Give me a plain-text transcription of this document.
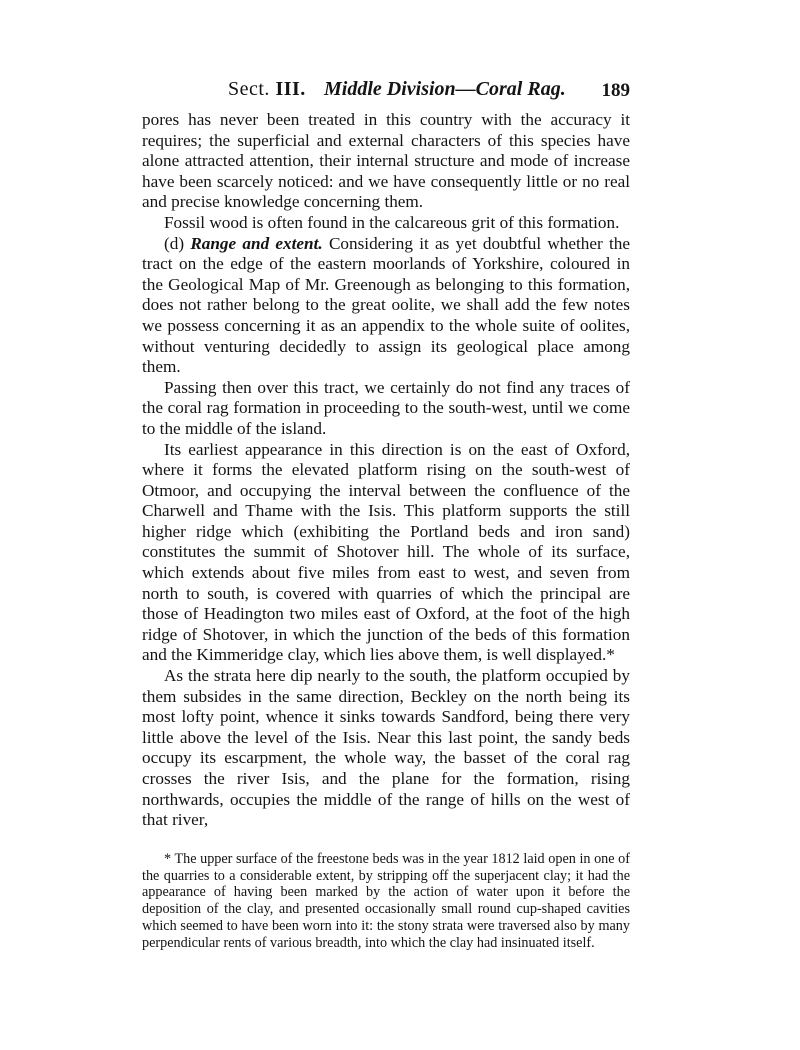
Sect. III. Middle Division—Coral Rag. 189

pores has never been treated in this country with the accuracy it requires; the superficial and external characters of this species have alone attracted attention, their internal structure and mode of increase have been scarcely noticed: and we have consequently little or no real and precise knowledge concerning them.

Fossil wood is often found in the calcareous grit of this formation.

(d) Range and extent. Considering it as yet doubtful whether the tract on the edge of the eastern moorlands of Yorkshire, coloured in the Geological Map of Mr. Greenough as belonging to this formation, does not rather belong to the great oolite, we shall add the few notes we possess concerning it as an appendix to the whole suite of oolites, without venturing decidedly to assign its geological place among them.

Passing then over this tract, we certainly do not find any traces of the coral rag formation in proceeding to the south-west, until we come to the middle of the island.

Its earliest appearance in this direction is on the east of Oxford, where it forms the elevated platform rising on the south-west of Otmoor, and occupying the interval between the confluence of the Charwell and Thame with the Isis. This platform supports the still higher ridge which (exhibiting the Portland beds and iron sand) constitutes the summit of Shotover hill. The whole of its surface, which extends about five miles from east to west, and seven from north to south, is covered with quarries of which the principal are those of Headington two miles east of Oxford, at the foot of the high ridge of Shotover, in which the junction of the beds of this formation and the Kimmeridge clay, which lies above them, is well displayed.*

As the strata here dip nearly to the south, the platform occupied by them subsides in the same direction, Beckley on the north being its most lofty point, whence it sinks towards Sandford, being there very little above the level of the Isis. Near this last point, the sandy beds occupy its escarpment, the whole way, the basset of the coral rag crosses the river Isis, and the plane for the formation, rising northwards, occupies the middle of the range of hills on the west of that river,

* The upper surface of the freestone beds was in the year 1812 laid open in one of the quarries to a considerable extent, by stripping off the superjacent clay; it had the appearance of having been marked by the action of water upon it before the deposition of the clay, and presented occasionally small round cup-shaped cavities which seemed to have been worn into it: the stony strata were traversed also by many perpendicular rents of various breadth, into which the clay had insinuated itself.
